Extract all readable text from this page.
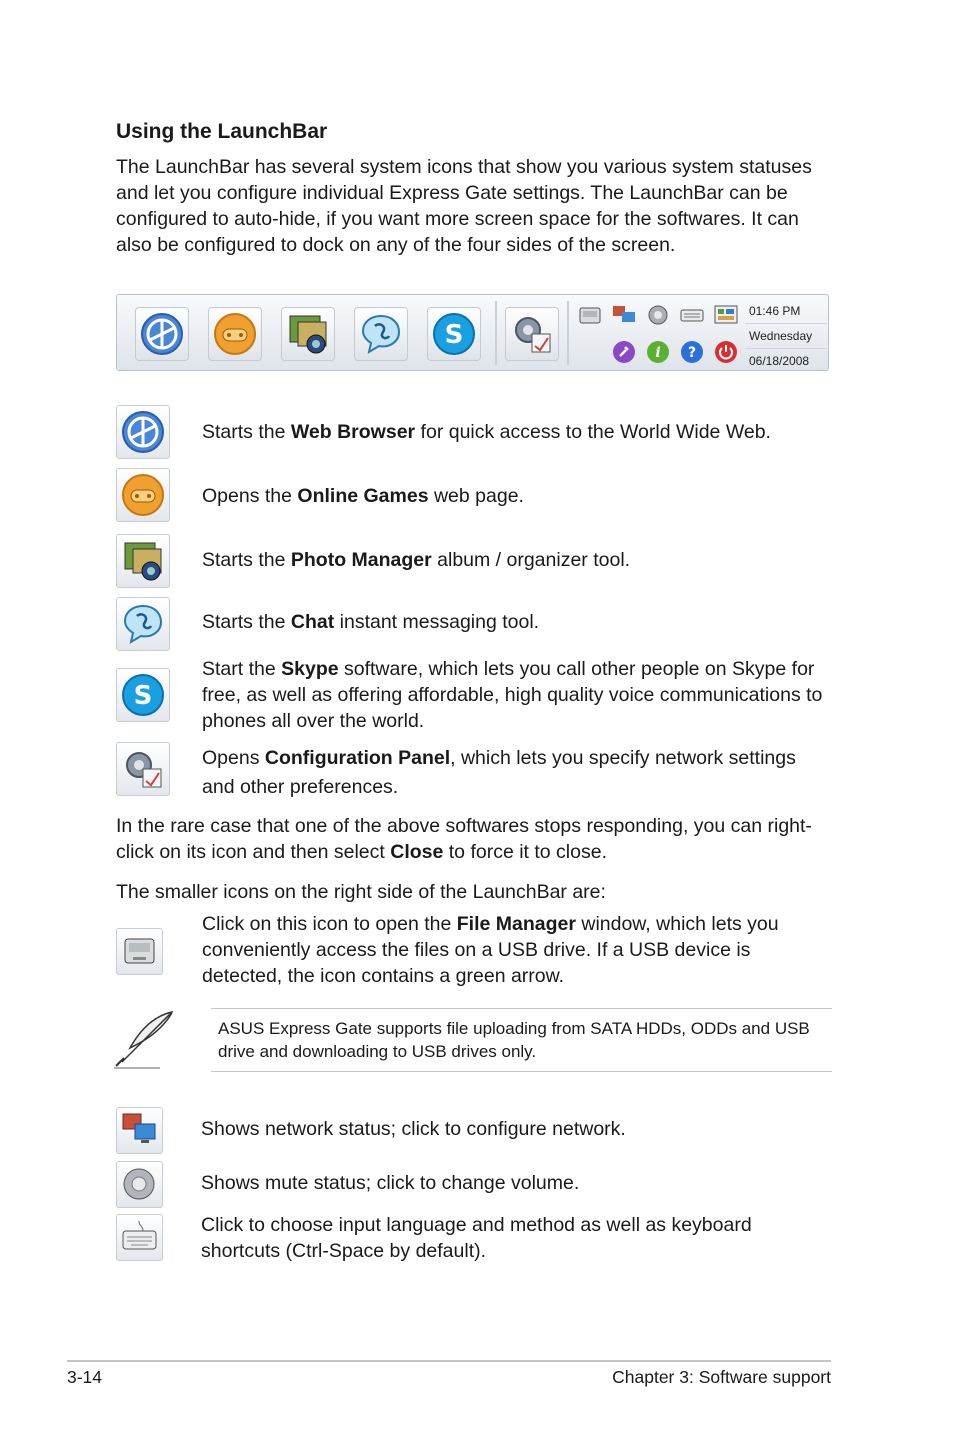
Using the LaunchBar

The LaunchBar has several system icons that show you various system statuses and let you configure individual Express Gate settings. The LaunchBar can be configured to auto-hide, if you want more screen space for the softwares. It can also be configured to dock on any of the four sides of the screen.

S
i ?
01:46 PM
Wednesday
06/18/2008
Starts the Web Browser for quick access to the World Wide Web.
Opens the Online Games web page.
Starts the Photo Manager album / organizer tool.
Starts the Chat instant messaging tool.
S
Start the Skype software, which lets you call other people on Skype for free, as well as offering affordable, high quality voice communications to phones all over the world.
Opens Configuration Panel, which lets you specify network settings and other preferences.

In the rare case that one of the above softwares stops responding, you can right-click on its icon and then select Close to force it to close.

The smaller icons on the right side of the LaunchBar are:

Click on this icon to open the File Manager window, which lets you conveniently access the files on a USB drive. If a USB device is detected, the icon contains a green arrow.
ASUS Express Gate supports file uploading from SATA HDDs, ODDs and USB drive and downloading to USB drives only.
Shows network status; click to configure network.
Shows mute status; click to change volume.
Click to choose input language and method as well as keyboard shortcuts (Ctrl-Space by default).
3-14	Chapter 3: Software support
